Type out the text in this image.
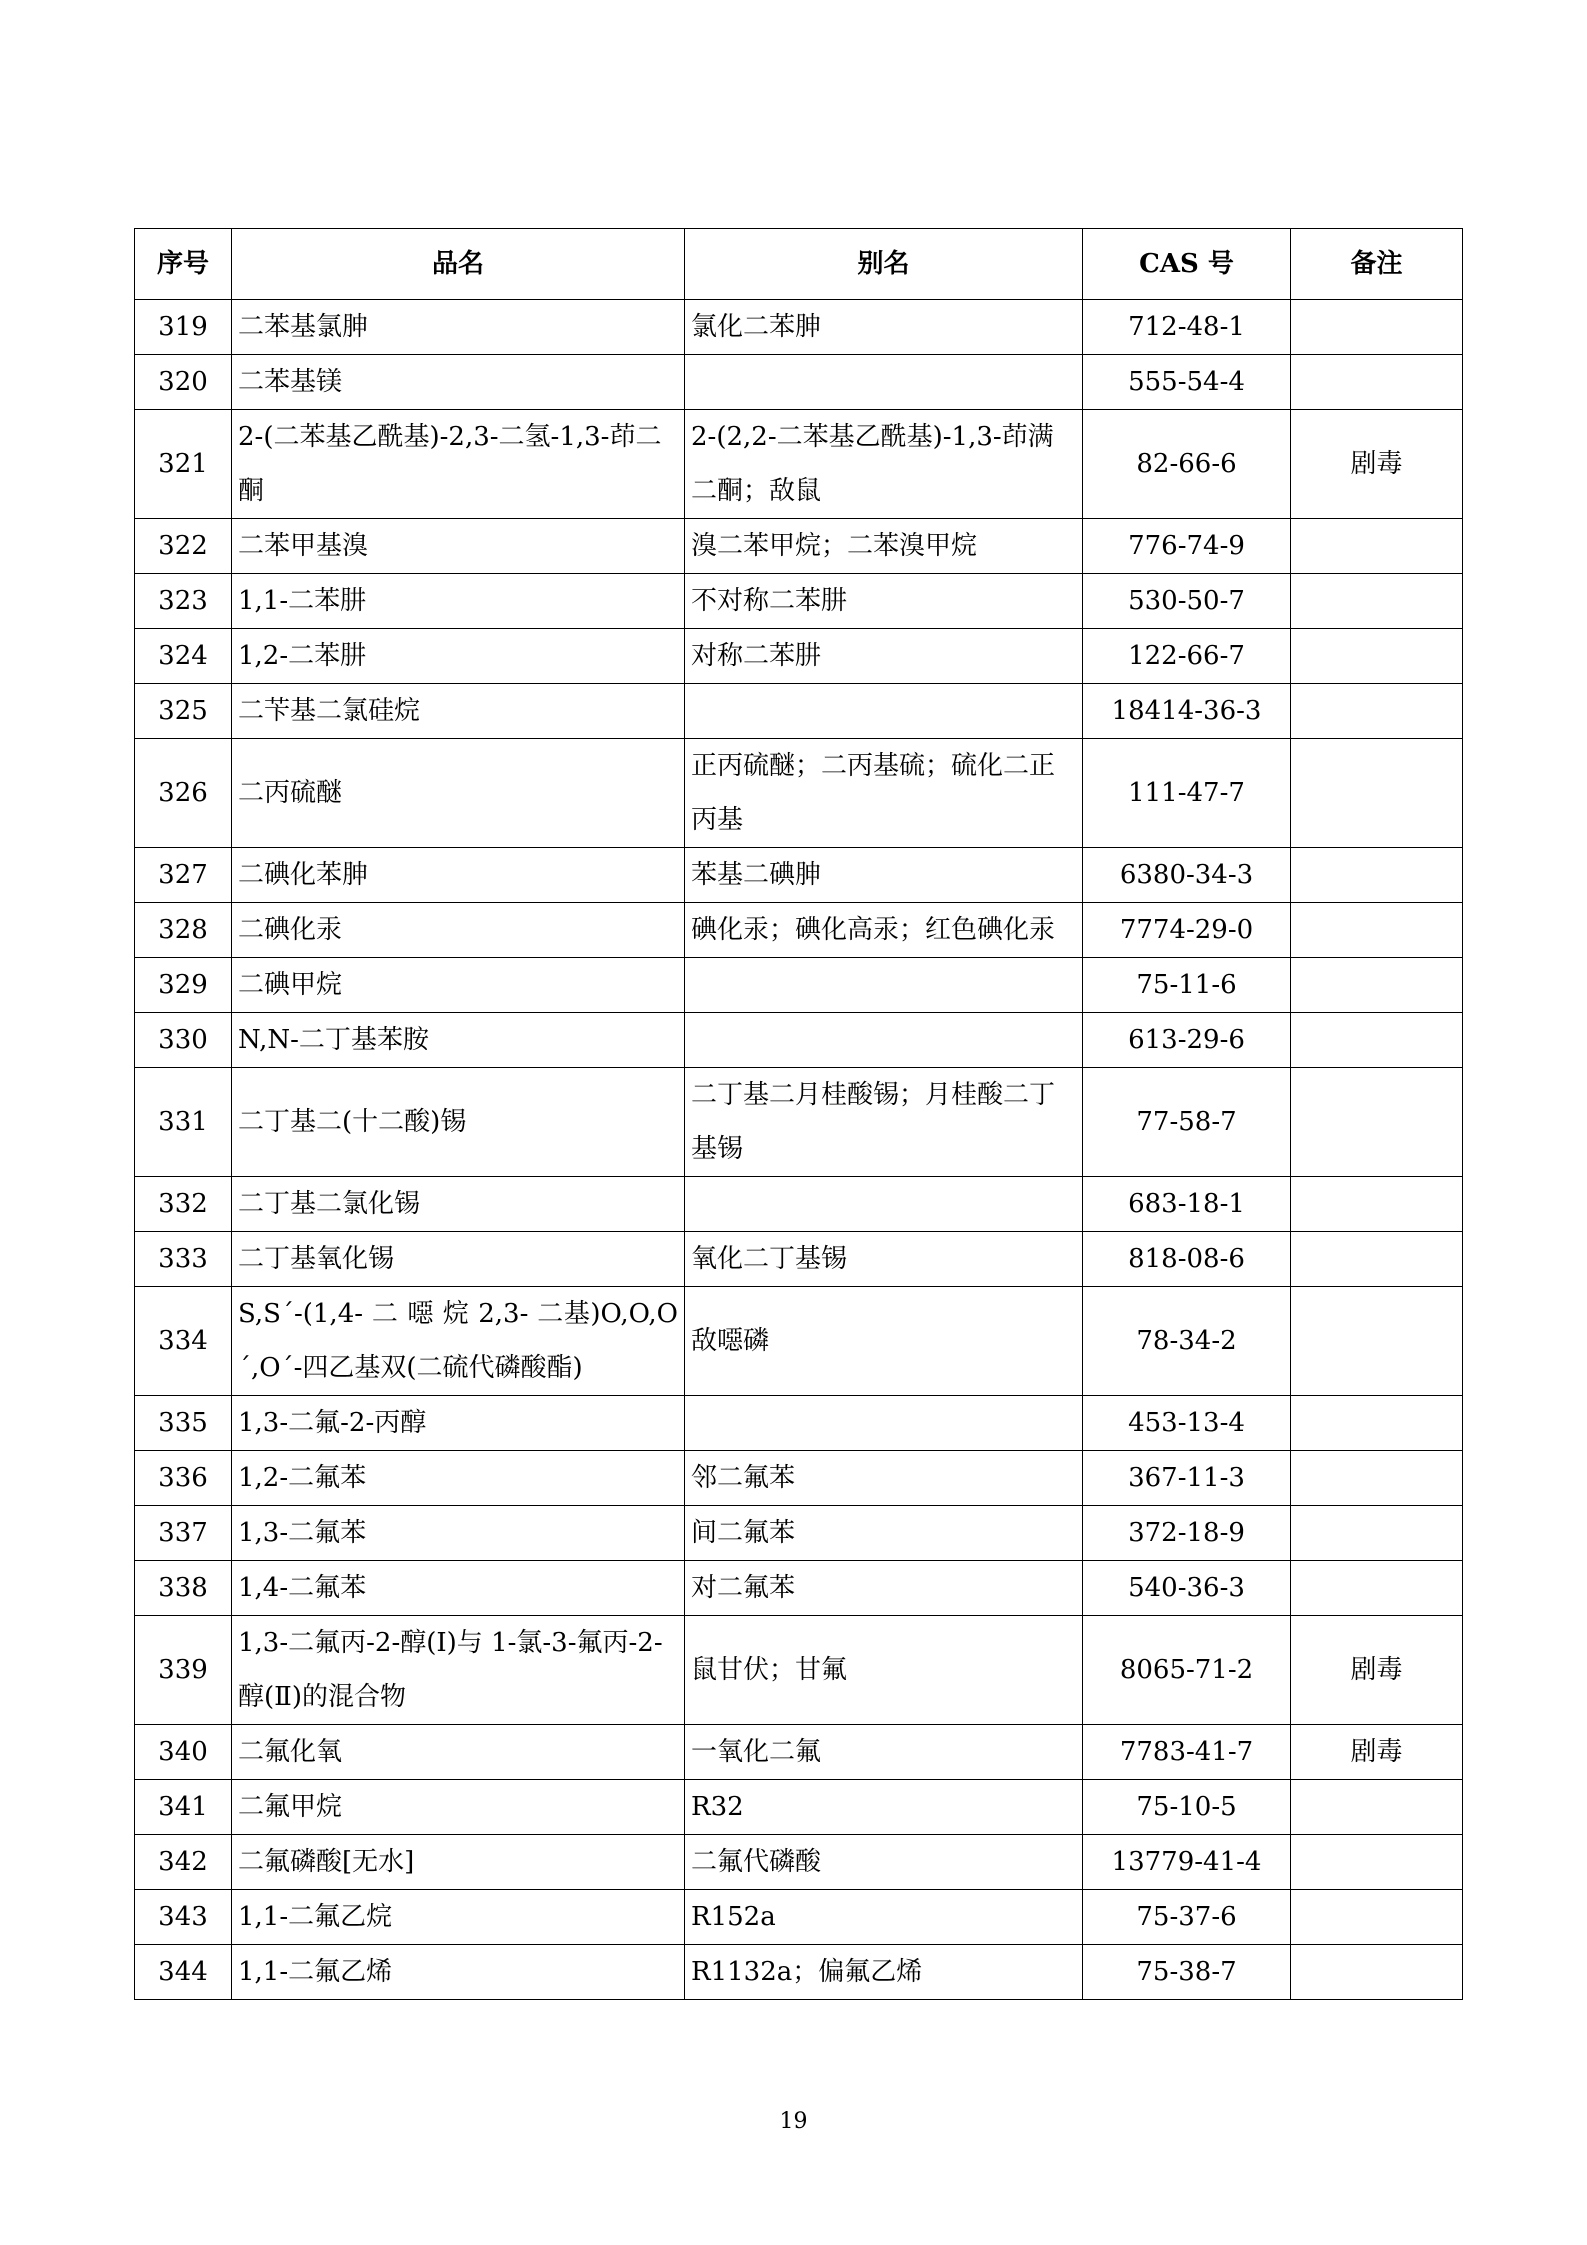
序号	品名	别名	CAS 号	备注
319	二苯基氯胂	氯化二苯胂	712-48-1	
320	二苯基镁		555-54-4	
321	2-(二苯基乙酰基)-2,3-二氢-1,3-茚二酮	2-(2,2-二苯基乙酰基)-1,3-茚满二酮；敌鼠	82-66-6	剧毒
322	二苯甲基溴	溴二苯甲烷；二苯溴甲烷	776-74-9	
323	1,1-二苯肼	不对称二苯肼	530-50-7	
324	1,2-二苯肼	对称二苯肼	122-66-7	
325	二苄基二氯硅烷		18414-36-3	
326	二丙硫醚	正丙硫醚；二丙基硫；硫化二正丙基	111-47-7	
327	二碘化苯胂	苯基二碘胂	6380-34-3	
328	二碘化汞	碘化汞；碘化高汞；红色碘化汞	7774-29-0	
329	二碘甲烷		75-11-6	
330	N,N-二丁基苯胺		613-29-6	
331	二丁基二(十二酸)锡	二丁基二月桂酸锡；月桂酸二丁基锡	77-58-7	
332	二丁基二氯化锡		683-18-1	
333	二丁基氧化锡	氧化二丁基锡	818-08-6	
334	S,S´-(1,4- 二 噁 烷 2,3- 二基)O,O,O´,O´-四乙基双(二硫代磷酸酯)	敌噁磷	78-34-2	
335	1,3-二氟-2-丙醇		453-13-4	
336	1,2-二氟苯	邻二氟苯	367-11-3	
337	1,3-二氟苯	间二氟苯	372-18-9	
338	1,4-二氟苯	对二氟苯	540-36-3	
339	1,3-二氟丙-2-醇(Ⅰ)与 1-氯-3-氟丙-2-醇(Ⅱ)的混合物	鼠甘伏；甘氟	8065-71-2	剧毒
340	二氟化氧	一氧化二氟	7783-41-7	剧毒
341	二氟甲烷	R32	75-10-5	
342	二氟磷酸[无水]	二氟代磷酸	13779-41-4	
343	1,1-二氟乙烷	R152a	75-37-6	
344	1,1-二氟乙烯	R1132a；偏氟乙烯	75-38-7	
19
